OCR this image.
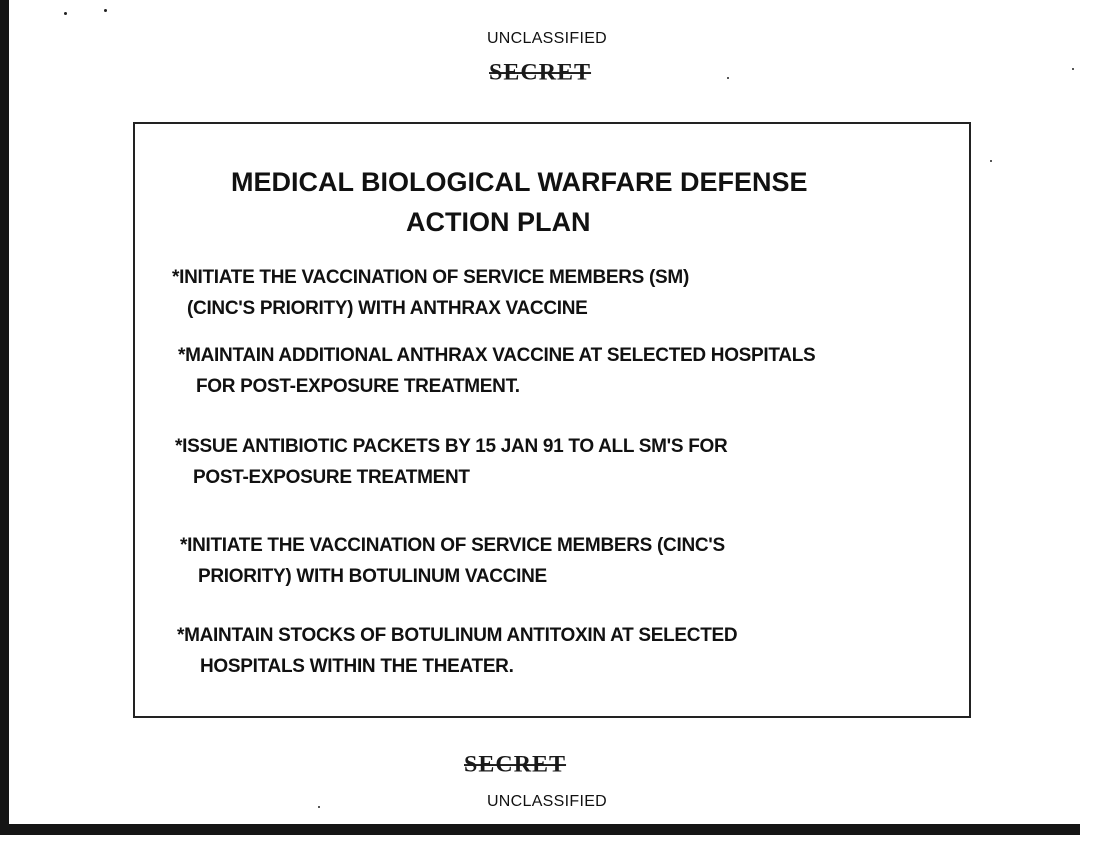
UNCLASSIFIED
SECRET
MEDICAL BIOLOGICAL WARFARE DEFENSE
ACTION PLAN
*INITIATE THE VACCINATION OF SERVICE MEMBERS (SM)
(CINC'S PRIORITY) WITH ANTHRAX VACCINE
*MAINTAIN ADDITIONAL ANTHRAX VACCINE AT SELECTED HOSPITALS
FOR POST-EXPOSURE TREATMENT.
*ISSUE ANTIBIOTIC PACKETS BY 15 JAN 91 TO ALL SM'S FOR
POST-EXPOSURE TREATMENT
*INITIATE THE VACCINATION OF SERVICE MEMBERS (CINC'S
PRIORITY) WITH BOTULINUM VACCINE
*MAINTAIN STOCKS OF BOTULINUM ANTITOXIN AT SELECTED
HOSPITALS WITHIN THE THEATER.
SECRET
UNCLASSIFIED
